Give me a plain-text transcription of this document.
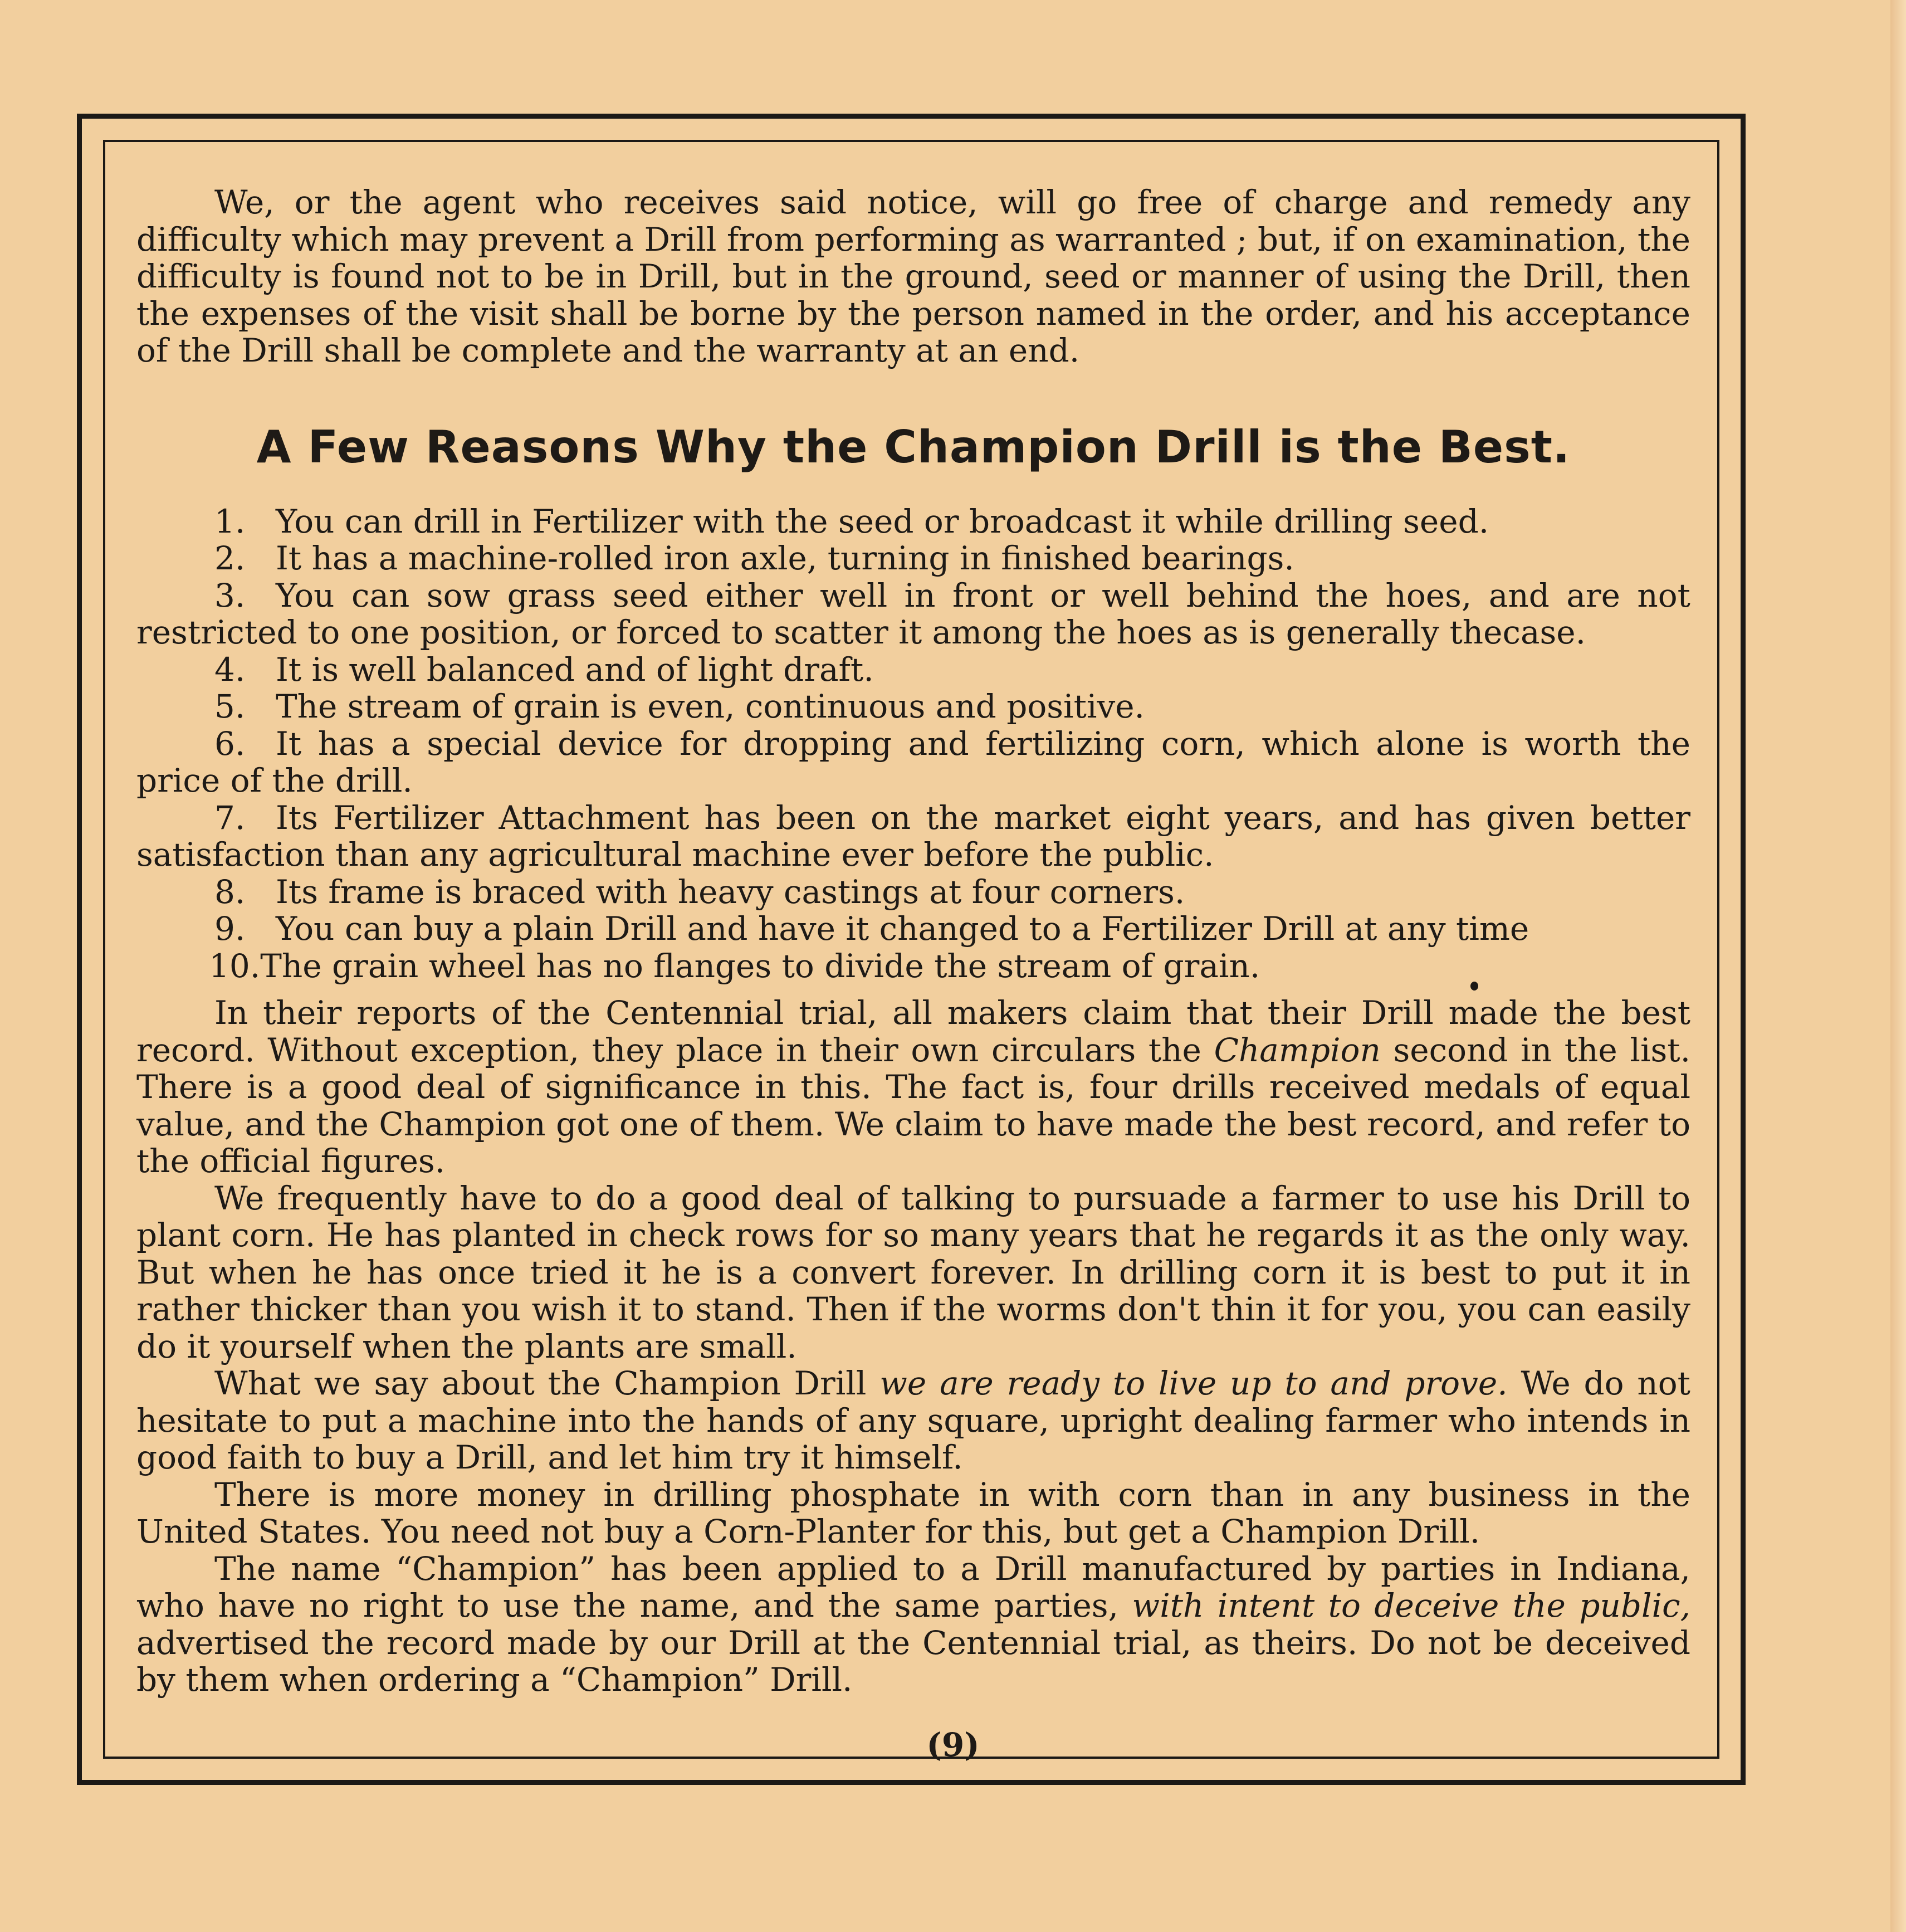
We, or the agent who receives said notice, will go free of charge and remedy any difficulty which may prevent a Drill from performing as warranted ; but, if on examination, the difficulty is found not to be in Drill, but in the ground, seed or manner of using the Drill, then the expenses of the visit shall be borne by the person named in the order, and his acceptance of the Drill shall be complete and the warranty at an end.

A Few Reasons Why the Champion Drill is the Best.

1. You can drill in Fertilizer with the seed or broadcast it while drilling seed.

2. It has a machine-rolled iron axle, turning in finished bearings.

3. You can sow grass seed either well in front or well behind the hoes, and are not restricted to one position, or forced to scatter it among the hoes as is generally thecase.

4. It is well balanced and of light draft.

5. The stream of grain is even, continuous and positive.

6. It has a special device for dropping and fertilizing corn, which alone is worth the price of the drill.

7. Its Fertilizer Attachment has been on the market eight years, and has given better satisfaction than any agricultural machine ever before the public.

8. Its frame is braced with heavy castings at four corners.

9. You can buy a plain Drill and have it changed to a Fertilizer Drill at any time

10.The grain wheel has no flanges to divide the stream of grain.

In their reports of the Centennial trial, all makers claim that their Drill made the best record. Without exception, they place in their own circulars the Champion second in the list. There is a good deal of significance in this. The fact is, four drills received medals of equal value, and the Champion got one of them. We claim to have made the best record, and refer to the official figures.

We frequently have to do a good deal of talking to pursuade a farmer to use his Drill to plant corn. He has planted in check rows for so many years that he regards it as the only way. But when he has once tried it he is a convert forever. In drilling corn it is best to put it in rather thicker than you wish it to stand. Then if the worms don't thin it for you, you can easily do it yourself when the plants are small.

What we say about the Champion Drill we are ready to live up to and prove. We do not hesitate to put a machine into the hands of any square, upright dealing farmer who intends in good faith to buy a Drill, and let him try it himself.

There is more money in drilling phosphate in with corn than in any business in the United States. You need not buy a Corn-Planter for this, but get a Champion Drill.

The name “Champion” has been applied to a Drill manufactured by parties in Indiana, who have no right to use the name, and the same parties, with intent to deceive the public, advertised the record made by our Drill at the Centennial trial, as theirs. Do not be deceived by them when ordering a “Champion” Drill.

(9)
